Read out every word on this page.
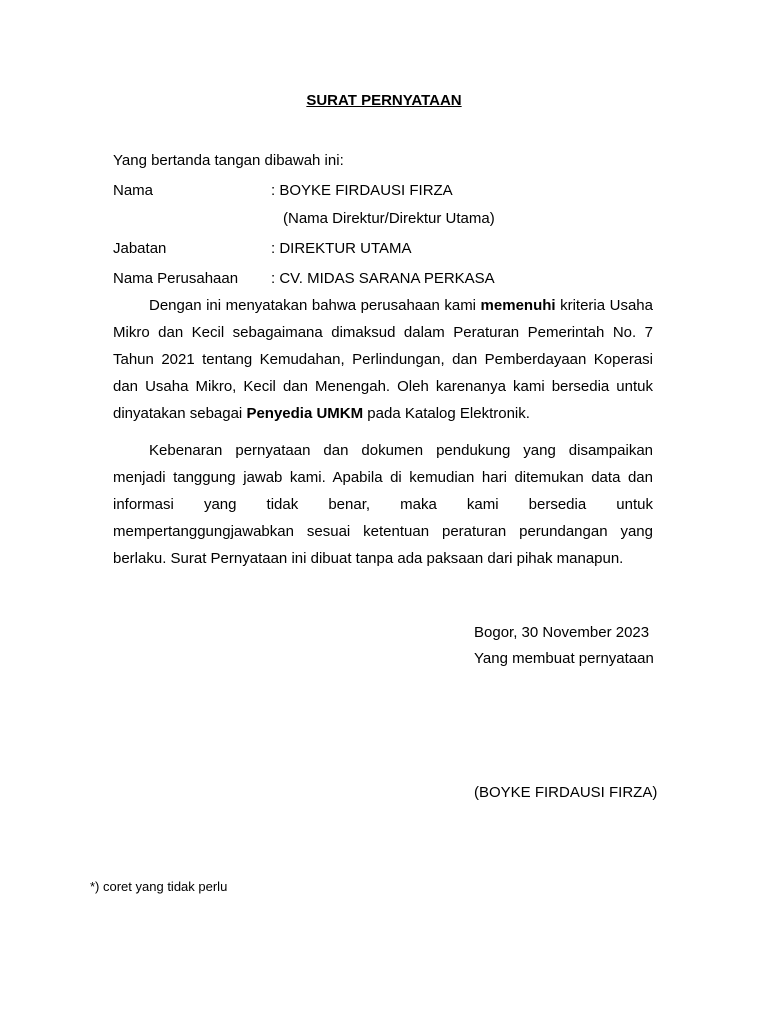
SURAT PERNYATAAN
Yang bertanda tangan dibawah ini:
Nama	: BOYKE FIRDAUSI FIRZA
(Nama Direktur/Direktur Utama)
Jabatan	: DIREKTUR UTAMA
Nama Perusahaan : CV. MIDAS SARANA PERKASA
Dengan ini menyatakan bahwa perusahaan kami memenuhi kriteria Usaha Mikro dan Kecil sebagaimana dimaksud dalam Peraturan Pemerintah No. 7 Tahun 2021 tentang Kemudahan, Perlindungan, dan Pemberdayaan Koperasi dan Usaha Mikro, Kecil dan Menengah. Oleh karenanya kami bersedia untuk dinyatakan sebagai Penyedia UMKM pada Katalog Elektronik.
Kebenaran pernyataan dan dokumen pendukung yang disampaikan menjadi tanggung jawab kami. Apabila di kemudian hari ditemukan data dan informasi yang tidak benar, maka kami bersedia untuk mempertanggungjawabkan sesuai ketentuan peraturan perundangan yang berlaku. Surat Pernyataan ini dibuat tanpa ada paksaan dari pihak manapun.
Bogor, 30 November 2023
Yang membuat pernyataan
(BOYKE FIRDAUSI FIRZA)
*) coret yang tidak perlu
